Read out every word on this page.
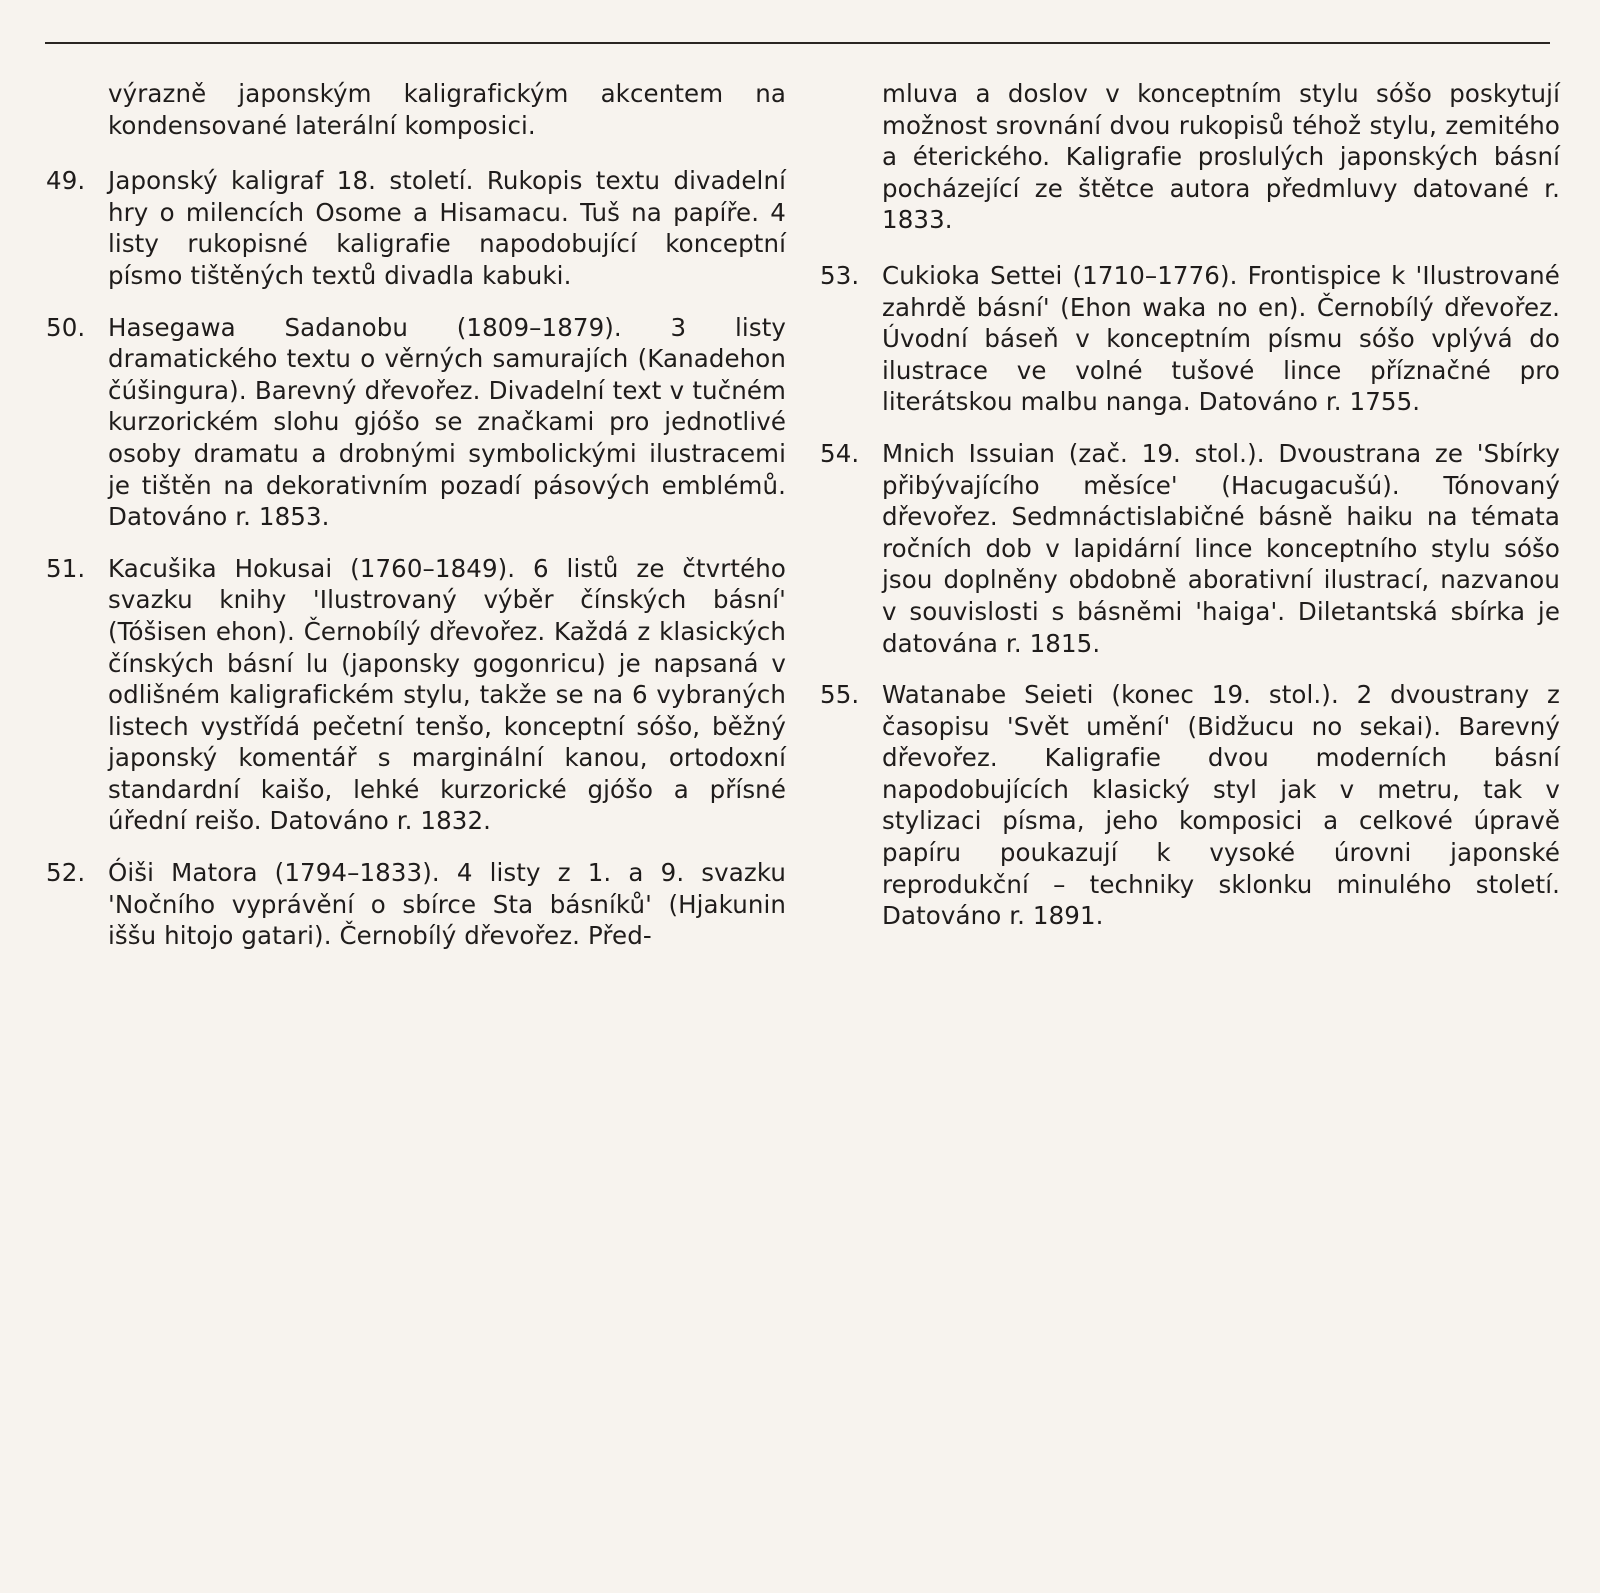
výrazně japonským kaligrafickým akcentem na kondensované laterální komposici.
49. Japonský kaligraf 18. století. Rukopis textu divadelní hry o milencích Osome a Hisamacu. Tuš na papíře. 4 listy rukopisné kaligrafie napodobující konceptní písmo tištěných textů divadla kabuki.
50. Hasegawa Sadanobu (1809–1879). 3 listy dramatického textu o věrných samurajích (Kanadehon čúšingura). Barevný dřevořez. Divadelní text v tučném kurzorickém slohu gjóšo se značkami pro jednotlivé osoby dramatu a drobnými symbolickými ilustracemi je tištěn na dekorativním pozadí pásových emblémů. Datováno r. 1853.
51. Kacušika Hokusai (1760–1849). 6 listů ze čtvrtého svazku knihy 'Ilustrovaný výběr čínských básní' (Tóšisen ehon). Černobílý dřevořez. Každá z klasických čínských básní lu (japonsky gogonricu) je napsaná v odlišném kaligrafickém stylu, takže se na 6 vybraných listech vystřídá pečetní tenšo, konceptní sóšo, běžný japonský komentář s marginální kanou, ortodoxní standardní kaišo, lehké kurzorické gjóšo a přísné úřední reišo. Datováno r. 1832.
52. Óiši Matora (1794–1833). 4 listy z 1. a 9. svazku 'Nočního vyprávění o sbírce Sta básníků' (Hjakunin iššu hitojo gatari). Černobílý dřevořez. Před-
mluva a doslov v konceptním stylu sóšo poskytují možnost srovnání dvou rukopisů téhož stylu, zemitého a éterického. Kaligrafie proslulých japonských básní pocházející ze štětce autora předmluvy datované r. 1833.
53. Cukioka Settei (1710–1776). Frontispice k 'Ilustrované zahrdě básní' (Ehon waka no en). Černobílý dřevořez. Úvodní báseň v konceptním písmu sóšo vplývá do ilustrace ve volné tušové lince příznačné pro literátskou malbu nanga. Datováno r. 1755.
54. Mnich Issuian (zač. 19. stol.). Dvoustrana ze 'Sbírky přibývajícího měsíce' (Hacugacušú). Tónovaný dřevořez. Sedmnáctislabičné básně haiku na témata ročních dob v lapidární lince konceptního stylu sóšo jsou doplněny obdobně aborativní ilustrací, nazvanou v souvislosti s básněmi 'haiga'. Diletantská sbírka je datována r. 1815.
55. Watanabe Seieti (konec 19. stol.). 2 dvoustrany z časopisu 'Svět umění' (Bidžucu no sekai). Barevný dřevořez. Kaligrafie dvou moderních básní napodobujících klasický styl jak v metru, tak v stylizaci písma, jeho komposici a celkové úpravě papíru poukazují k vysoké úrovni japonské reprodukční – techniky sklonku minulého století. Datováno r. 1891.
